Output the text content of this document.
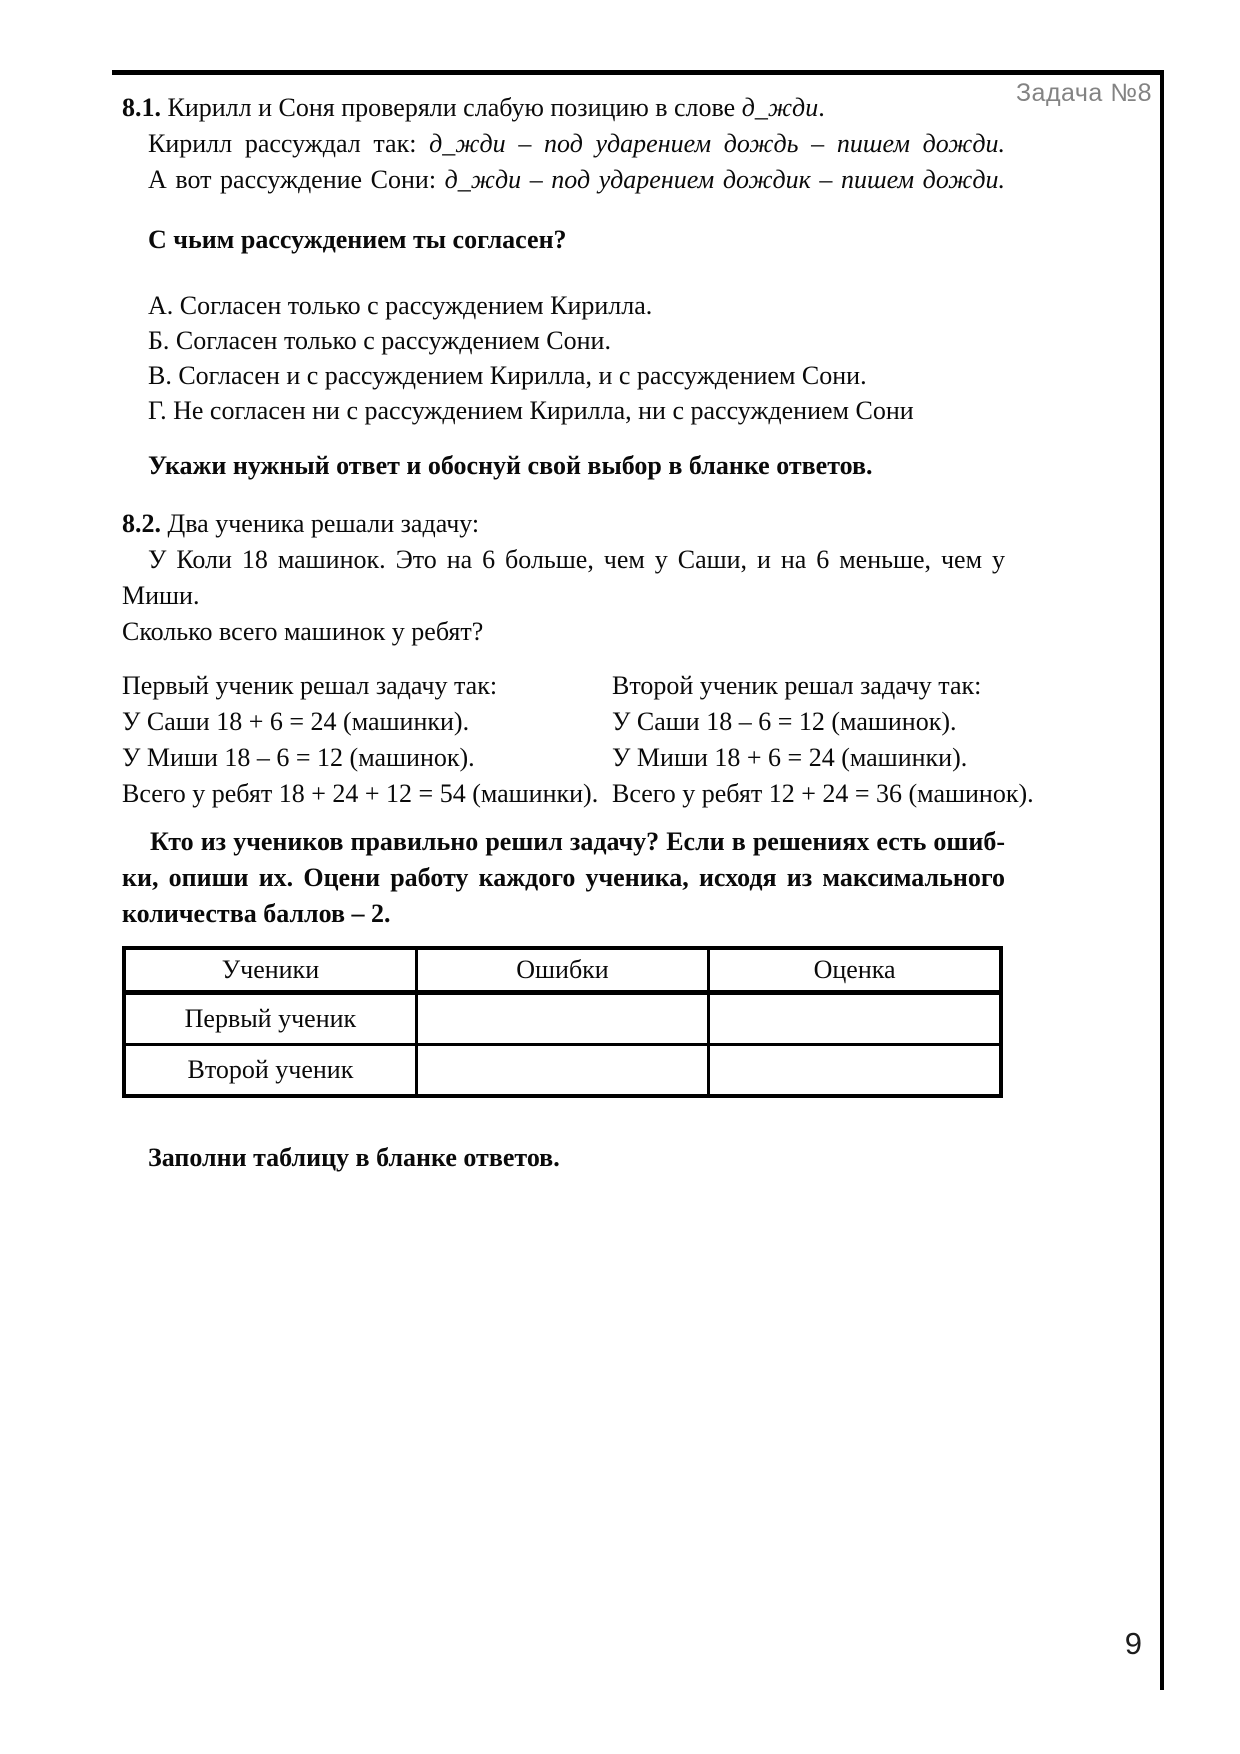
Задача №8
8.1. Кирилл и Соня проверяли слабую позицию в слове д_жди.
Кирилл рассуждал так: д_жди – под ударением дождь – пишем дожди.
А вот рассуждение Сони: д_жди – под ударением дождик – пишем дожди.
С чьим рассуждением ты согласен?
А. Согласен только с рассуждением Кирилла.
Б. Согласен только с рассуждением Сони.
В. Согласен и с рассуждением Кирилла, и с рассуждением Сони.
Г. Не согласен ни с рассуждением Кирилла, ни с рассуждением Сони
Укажи нужный ответ и обоснуй свой выбор в бланке ответов.
8.2. Два ученика решали задачу:
У Коли 18 машинок. Это на 6 больше, чем у Саши, и на 6 меньше, чем у Миши.
Сколько всего машинок у ребят?
Первый ученик решал задачу так:
У Саши 18 + 6 = 24 (машинки).
У Миши 18 – 6 = 12 (машинок).
Всего у ребят 18 + 24 + 12 = 54 (машинки).
Второй ученик решал задачу так:
У Саши 18 – 6 = 12 (машинок).
У Миши 18 + 6 = 24 (машинки).
Всего у ребят 12 + 24 = 36 (машинок).
Кто из учеников правильно решил задачу? Если в решениях есть ошиб-
ки, опиши их. Оцени работу каждого ученика, исходя из максимального
количества баллов – 2.
Ученики	Ошибки	Оценка
Первый ученик		
Второй ученик		
Заполни таблицу в бланке ответов.
9
